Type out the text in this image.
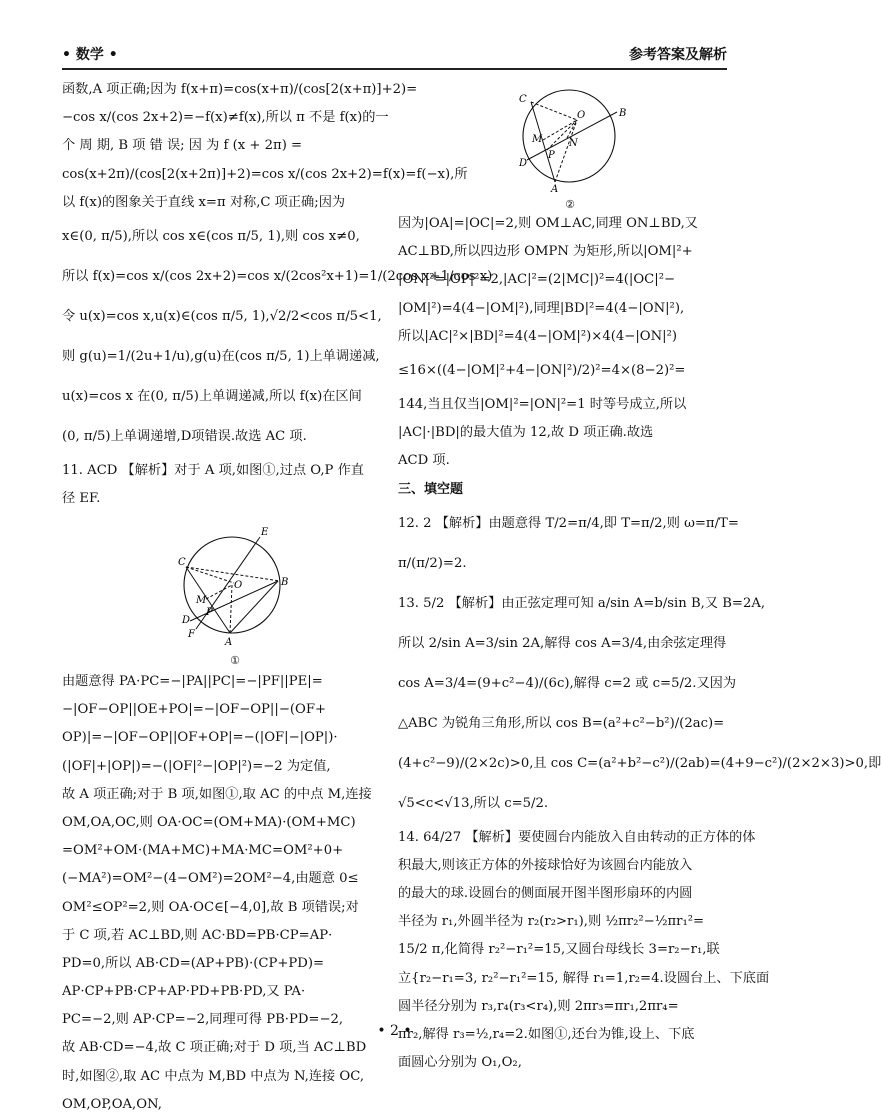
• 数学 •	参考答案及解析

函数,A 项正确;因为 f(x+π)=cos(x+π)/(cos[2(x+π)]+2)=

−cos x/(cos 2x+2)=−f(x)≠f(x),所以 π 不是 f(x)的一

个 周 期, B 项 错 误; 因 为 f (x + 2π) =

cos(x+2π)/(cos[2(x+2π)]+2)=cos x/(cos 2x+2)=f(x)=f(−x),所

以 f(x)的图象关于直线 x=π 对称,C 项正确;因为

x∈(0, π/5),所以 cos x∈(cos π/5, 1),则 cos x≠0,

所以 f(x)=cos x/(cos 2x+2)=cos x/(2cos²x+1)=1/(2cos x+1/cos x)

令 u(x)=cos x,u(x)∈(cos π/5, 1),√2/2<cos π/5<1,

则 g(u)=1/(2u+1/u),g(u)在(cos π/5, 1)上单调递减,

u(x)=cos x 在(0, π/5)上单调递减,所以 f(x)在区间

(0, π/5)上单调递增,D项错误.故选 AC 项.

11. ACD 【解析】对于 A 项,如图①,过点 O,P 作直

径 EF.

C
E
O	B
M
P
D
F
A
①

由题意得 PA·PC=−|PA||PC|=−|PF||PE|=

−|OF−OP||OE+PO|=−|OF−OP||−(OF+

OP)|=−|OF−OP||OF+OP|=−(|OF|−|OP|)·

(|OF|+|OP|)=−(|OF|²−|OP|²)=−2 为定值,

故 A 项正确;对于 B 项,如图①,取 AC 的中点 M,连接

OM,OA,OC,则 OA·OC=(OM+MA)·(OM+MC)

=OM²+OM·(MA+MC)+MA·MC=OM²+0+

(−MA²)=OM²−(4−OM²)=2OM²−4,由题意 0≤

OM²≤OP²=2,则 OA·OC∈[−4,0],故 B 项错误;对

于 C 项,若 AC⊥BD,则 AC·BD=PB·CP=AP·

PD=0,所以 AB·CD=(AP+PB)·(CP+PD)=

AP·CP+PB·CP+AP·PD+PB·PD,又 PA·

PC=−2,则 AP·CP=−2,同理可得 PB·PD=−2,

故 AB·CD=−4,故 C 项正确;对于 D 项,当 AC⊥BD

时,如图②,取 AC 中点为 M,BD 中点为 N,连接 OC,

OM,OP,OA,ON,

C
O	B
M	N
P
D
A
②

因为|OA|=|OC|=2,则 OM⊥AC,同理 ON⊥BD,又

AC⊥BD,所以四边形 OMPN 为矩形,所以|OM|²+

|ON|²=|OP|²=2,|AC|²=(2|MC|)²=4(|OC|²−

|OM|²)=4(4−|OM|²),同理|BD|²=4(4−|ON|²),

所以|AC|²×|BD|²=4(4−|OM|²)×4(4−|ON|²)

≤16×((4−|OM|²+4−|ON|²)/2)²=4×(8−2)²=

144,当且仅当|OM|²=|ON|²=1 时等号成立,所以

|AC|·|BD|的最大值为 12,故 D 项正确.故选

ACD 项.

三、填空题

12. 2 【解析】由题意得 T/2=π/4,即 T=π/2,则 ω=π/T=

π/(π/2)=2.

13. 5/2 【解析】由正弦定理可知 a/sin A=b/sin B,又 B=2A,

所以 2/sin A=3/sin 2A,解得 cos A=3/4,由余弦定理得

cos A=3/4=(9+c²−4)/(6c),解得 c=2 或 c=5/2.又因为

△ABC 为锐角三角形,所以 cos B=(a²+c²−b²)/(2ac)=

(4+c²−9)/(2×2c)>0,且 cos C=(a²+b²−c²)/(2ab)=(4+9−c²)/(2×2×3)>0,即

√5<c<√13,所以 c=5/2.

14. 64/27 【解析】要使圆台内能放入自由转动的正方体的体

积最大,则该正方体的外接球恰好为该圆台内能放入

的最大的球.设圆台的侧面展开图半图形扇环的内圆

半径为 r₁,外圆半径为 r₂(r₂>r₁),则 ½πr₂²−½πr₁²=

15/2 π,化简得 r₂²−r₁²=15,又圆台母线长 3=r₂−r₁,联

立{r₂−r₁=3, r₂²−r₁²=15, 解得 r₁=1,r₂=4.设圆台上、下底面

圆半径分别为 r₃,r₄(r₃<r₄),则 2πr₃=πr₁,2πr₄=

πr₂,解得 r₃=½,r₄=2.如图①,还台为锥,设上、下底

面圆心分别为 O₁,O₂,

• 2 •
